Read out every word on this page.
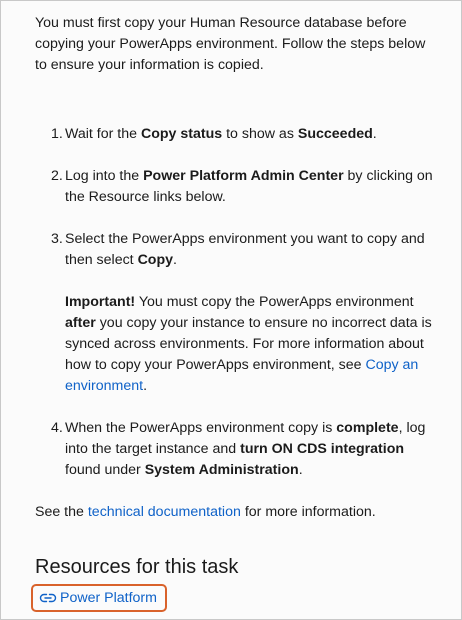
You must first copy your Human Resource database before copying your PowerApps environment. Follow the steps below to ensure your information is copied.

1. Wait for the Copy status to show as Succeeded.
2. Log into the Power Platform Admin Center by clicking on the Resource links below.
3. Select the PowerApps environment you want to copy and then select Copy.
Important! You must copy the PowerApps environment after you copy your instance to ensure no incorrect data is synced across environments. For more information about how to copy your PowerApps environment, see Copy an environment.
4. When the PowerApps environment copy is complete, log into the target instance and turn ON CDS integration found under System Administration.

See the technical documentation for more information.

Resources for this task
Power Platform
